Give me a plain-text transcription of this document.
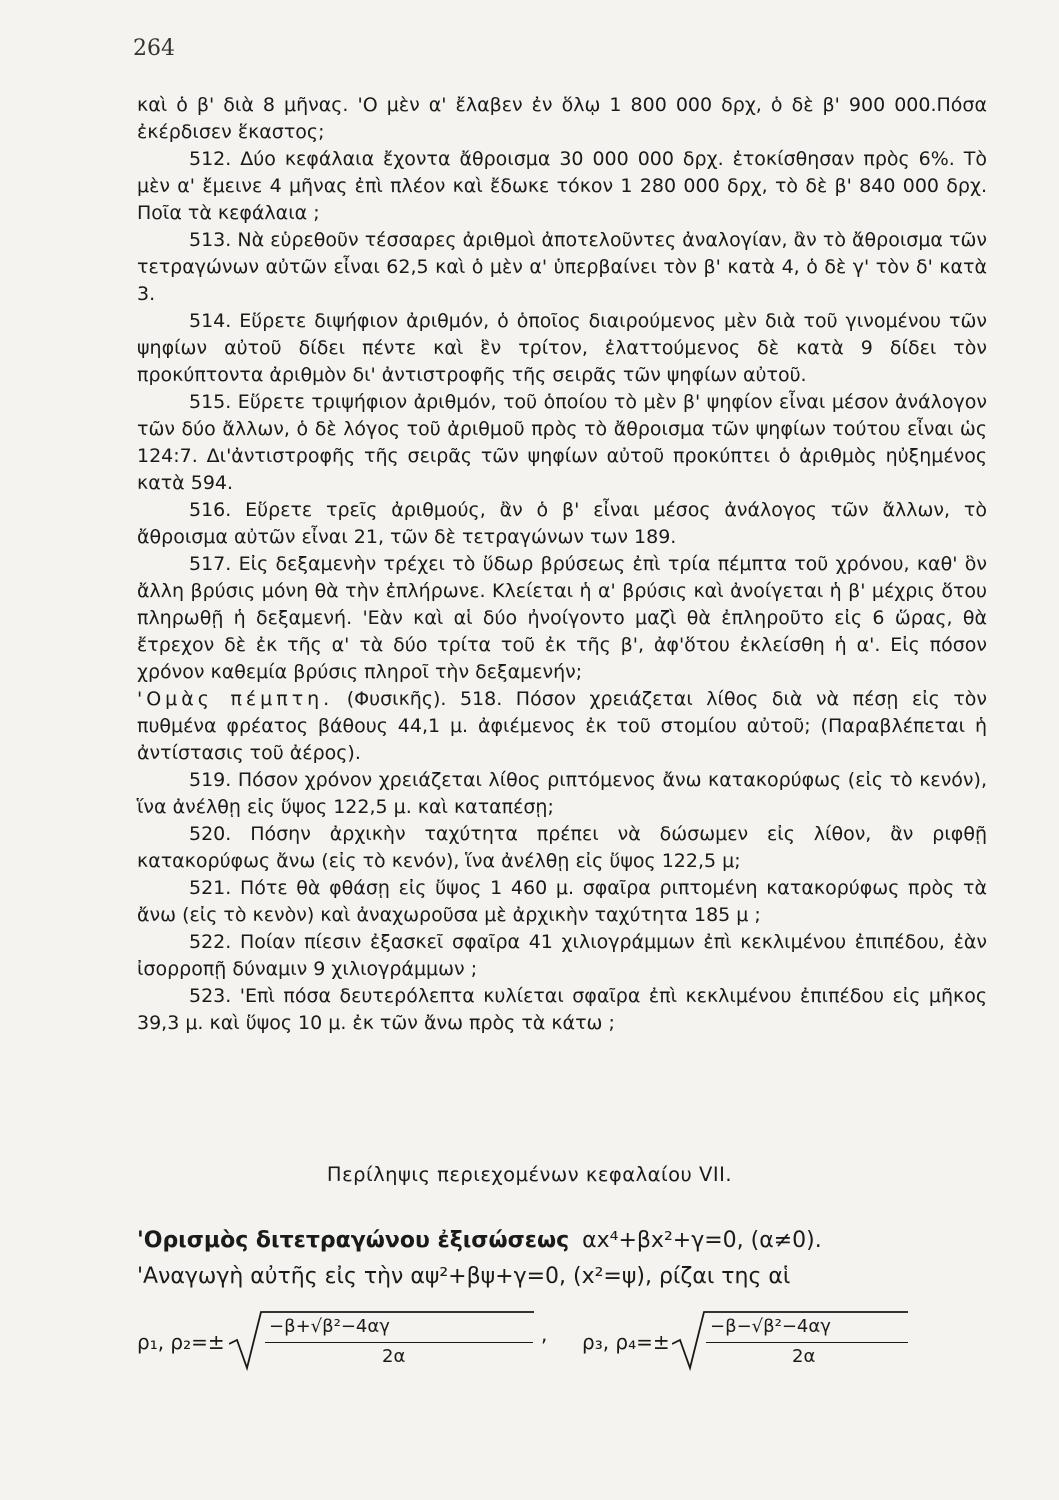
264

καὶ ὁ β' διὰ 8 μῆνας. 'Ο μὲν α' ἔλαβεν ἐν ὅλῳ 1 800 000 δρχ, ὁ δὲ β' 900 000.Πόσα ἐκέρδισεν ἕκαστος;

512. Δύο κεφάλαια ἔχοντα ἄθροισμα 30 000 000 δρχ. ἐτοκίσθησαν πρὸς 6%. Τὸ μὲν α' ἔμεινε 4 μῆνας ἐπὶ πλέον καὶ ἔδωκε τόκον 1 280 000 δρχ, τὸ δὲ β' 840 000 δρχ. Ποῖα τὰ κεφάλαια ;

513. Νὰ εὑρεθοῦν τέσσαρες ἀριθμοὶ ἀποτελοῦντες ἀναλογίαν, ἂν τὸ ἄθροισμα τῶν τετραγώνων αὐτῶν εἶναι 62,5 καὶ ὁ μὲν α' ὑπερβαίνει τὸν β' κατὰ 4, ὁ δὲ γ' τὸν δ' κατὰ 3.

514. Εὕρετε διψήφιον ἀριθμόν, ὁ ὁποῖος διαιρούμενος μὲν διὰ τοῦ γινομένου τῶν ψηφίων αὐτοῦ δίδει πέντε καὶ ἓν τρίτον, ἐλαττούμενος δὲ κατὰ 9 δίδει τὸν προκύπτοντα ἀριθμὸν δι' ἀντιστροφῆς τῆς σειρᾶς τῶν ψηφίων αὐτοῦ.

515. Εὕρετε τριψήφιον ἀριθμόν, τοῦ ὁποίου τὸ μὲν β' ψηφίον εἶναι μέσον ἀνάλογον τῶν δύο ἄλλων, ὁ δὲ λόγος τοῦ ἀριθμοῦ πρὸς τὸ ἄθροισμα τῶν ψηφίων τούτου εἶναι ὡς 124:7. Δι'ἀντιστροφῆς τῆς σειρᾶς τῶν ψηφίων αὐτοῦ προκύπτει ὁ ἀριθμὸς ηὐξημένος κατὰ 594.

516. Εὕρετε τρεῖς ἀριθμούς, ἂν ὁ β' εἶναι μέσος ἀνάλογος τῶν ἄλλων, τὸ ἄθροισμα αὐτῶν εἶναι 21, τῶν δὲ τετραγώνων των 189.

517. Εἰς δεξαμενὴν τρέχει τὸ ὕδωρ βρύσεως ἐπὶ τρία πέμπτα τοῦ χρόνου, καθ' ὃν ἄλλη βρύσις μόνη θὰ τὴν ἐπλήρωνε. Κλείεται ἡ α' βρύσις καὶ ἀνοίγεται ἡ β' μέχρις ὅτου πληρωθῇ ἡ δεξαμενή. 'Εὰν καὶ αἱ δύο ἠνοίγοντο μαζὶ θὰ ἐπληροῦτο εἰς 6 ὥρας, θὰ ἔτρεχον δὲ ἐκ τῆς α' τὰ δύο τρίτα τοῦ ἐκ τῆς β', ἀφ'ὅτου ἐκλείσθη ἡ α'. Εἰς πόσον χρόνον καθεμία βρύσις πληροῖ τὴν δεξαμενήν;

'Ομὰς πέμπτη. (Φυσικῆς). 518. Πόσον χρειάζεται λίθος διὰ νὰ πέσῃ εἰς τὸν πυθμένα φρέατος βάθους 44,1 μ. ἀφιέμενος ἐκ τοῦ στομίου αὐτοῦ; (Παραβλέπεται ἡ ἀντίστασις τοῦ ἀέρος).

519. Πόσον χρόνον χρειάζεται λίθος ριπτόμενος ἄνω κατακορύφως (εἰς τὸ κενόν), ἵνα ἀνέλθῃ εἰς ὕψος 122,5 μ. καὶ καταπέσῃ;

520. Πόσην ἀρχικὴν ταχύτητα πρέπει νὰ δώσωμεν εἰς λίθον, ἂν ριφθῇ κατακορύφως ἄνω (εἰς τὸ κενόν), ἵνα ἀνέλθῃ εἰς ὕψος 122,5 μ;

521. Πότε θὰ φθάσῃ εἰς ὕψος 1 460 μ. σφαῖρα ριπτομένη κατακορύφως πρὸς τὰ ἄνω (εἰς τὸ κενὸν) καὶ ἀναχωροῦσα μὲ ἀρχικὴν ταχύτητα 185 μ ;

522. Ποίαν πίεσιν ἐξασκεῖ σφαῖρα 41 χιλιογράμμων ἐπὶ κεκλιμένου ἐπιπέδου, ἐὰν ἰσορροπῇ δύναμιν 9 χιλιογράμμων ;

523. 'Επὶ πόσα δευτερόλεπτα κυλίεται σφαῖρα ἐπὶ κεκλιμένου ἐπιπέδου εἰς μῆκος 39,3 μ. καὶ ὕψος 10 μ. ἐκ τῶν ἄνω πρὸς τὰ κάτω ;

Περίληψις περιεχομένων κεφαλαίου VII.
'Ορισμὸς διτετραγώνου ἐξισώσεως αx⁴+βx²+γ=0, (α≠0).
'Αναγωγὴ αὐτῆς εἰς τὴν αψ²+βψ+γ=0, (x²=ψ), ρίζαι της αἱ
ρ₁, ρ₂=±
−β+√β²−4αγ
2α
, ρ₃, ρ₄=±
−β−√β²−4αγ
2α
